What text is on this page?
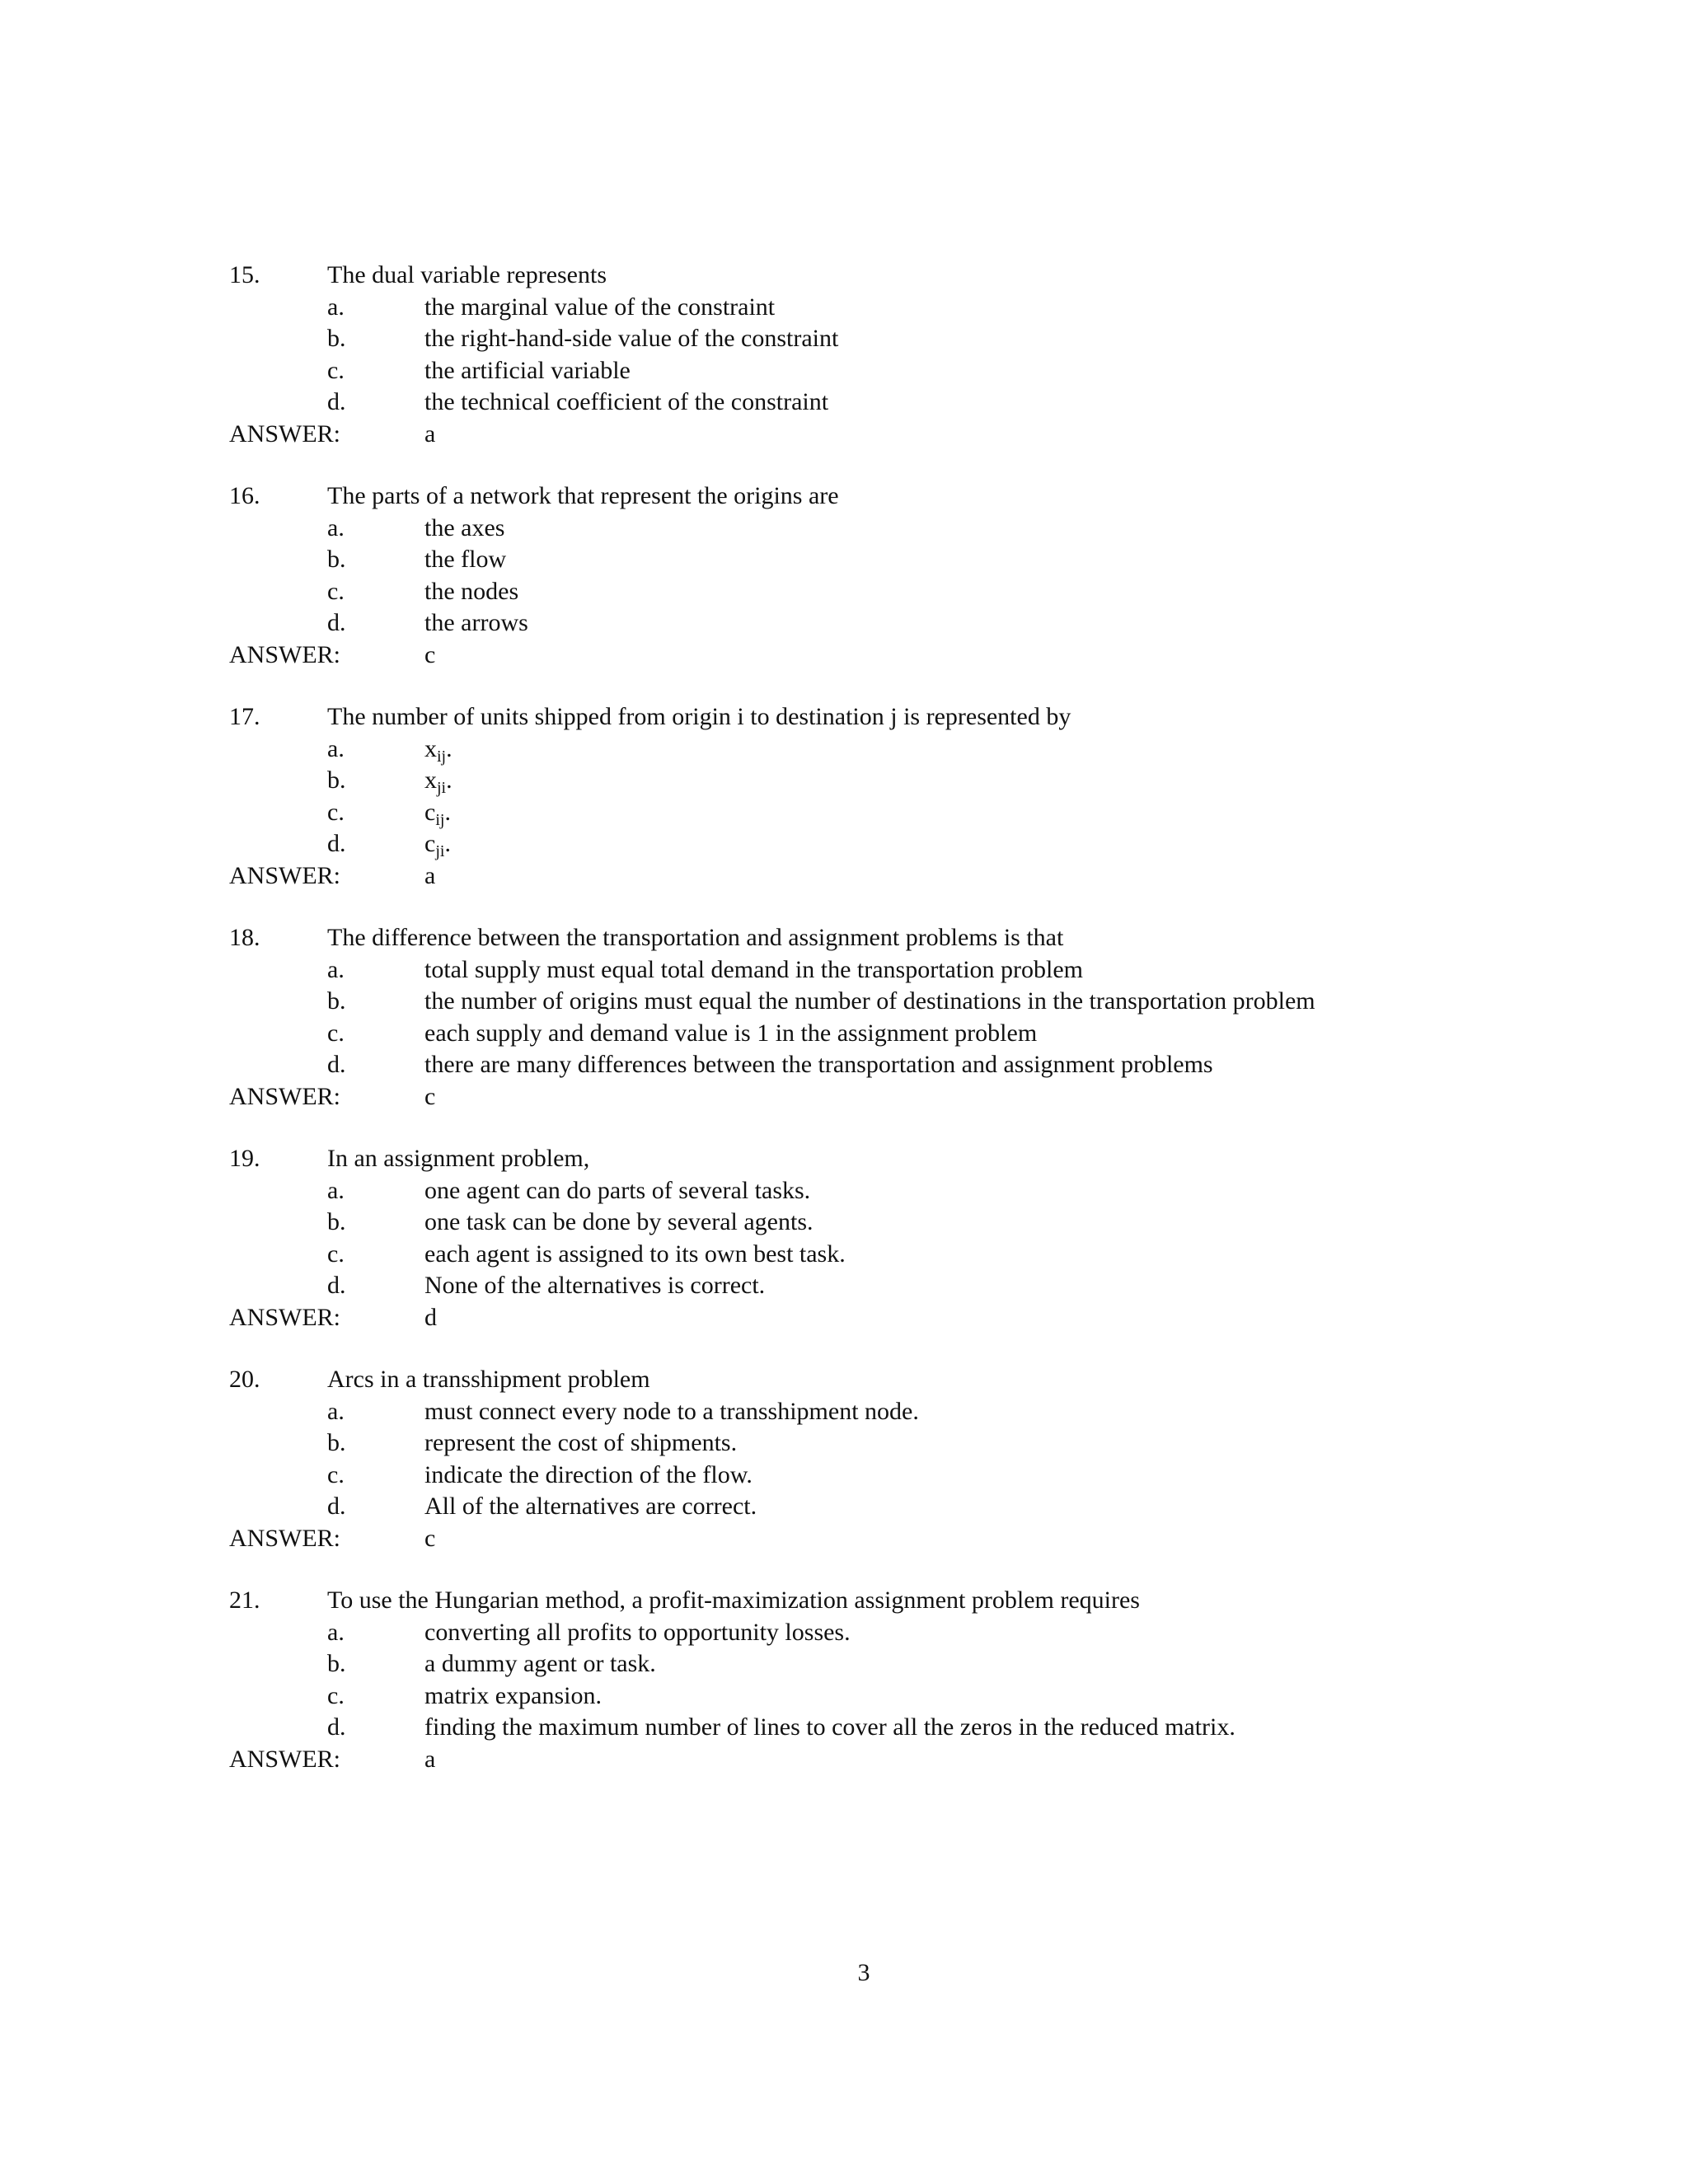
15.	The dual variable represents
a.	the marginal value of the constraint
b.	the right-hand-side value of the constraint
c.	the artificial variable
d.	the technical coefficient of the constraint
ANSWER:	a
16.	The parts of a network that represent the origins are
a.	the axes
b.	the flow
c.	the nodes
d.	the arrows
ANSWER:	c
17.	The number of units shipped from origin i to destination j is represented by
a.	$x_{ij}$.
b.	$x_{ji}$.
c.	$c_{ij}$.
d.	$c_{ji}$.
ANSWER:	a
18.	The difference between the transportation and assignment problems is that
a.	total supply must equal total demand in the transportation problem
b.	the number of origins must equal the number of destinations in the transportation problem
c.	each supply and demand value is 1 in the assignment problem
d.	there are many differences between the transportation and assignment problems
ANSWER:	c
19.	In an assignment problem,
a.	one agent can do parts of several tasks.
b.	one task can be done by several agents.
c.	each agent is assigned to its own best task.
d.	None of the alternatives is correct.
ANSWER:	d
20.	Arcs in a transshipment problem
a.	must connect every node to a transshipment node.
b.	represent the cost of shipments.
c.	indicate the direction of the flow.
d.	All of the alternatives are correct.
ANSWER:	c
21.	To use the Hungarian method, a profit-maximization assignment problem requires
a.	converting all profits to opportunity losses.
b.	a dummy agent or task.
c.	matrix expansion.
d.	finding the maximum number of lines to cover all the zeros in the reduced matrix.
ANSWER:	a
3
